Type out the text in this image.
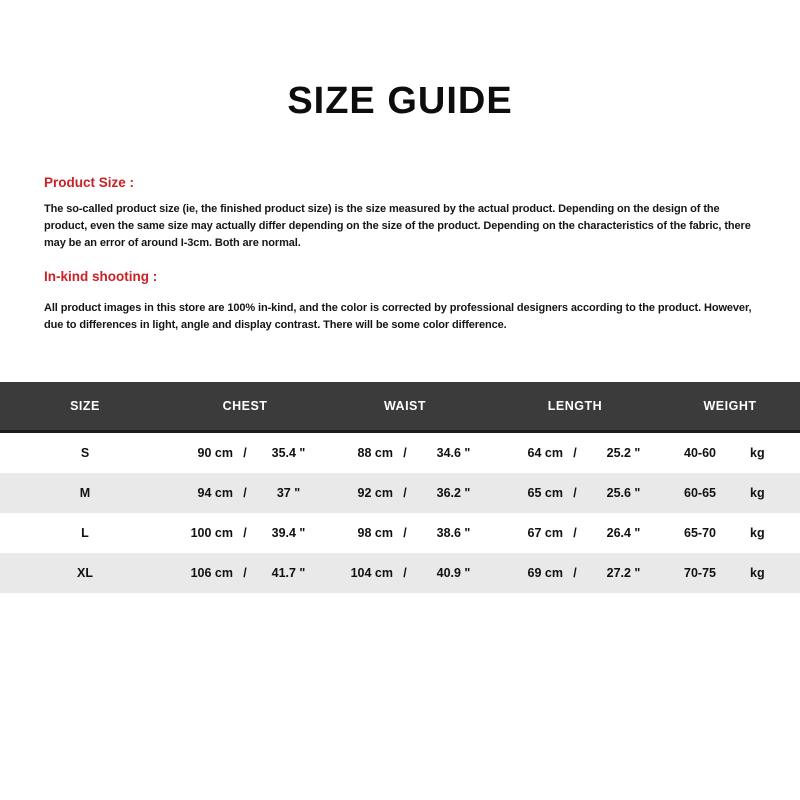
SIZE GUIDE
Product Size :

The so-called product size (ie, the finished product size) is the size measured by the actual product. Depending on the design of the product, even the same size may actually differ depending on the size of the product. Depending on the characteristics of the fabric, there may be an error of around I-3cm. Both are normal.

In-kind shooting :

All product images in this store are 100% in-kind, and the color is corrected by professional designers according to the product. However, due to differences in light, angle and display contrast. There will be some color difference.

SIZE	CHEST	WAIST	LENGTH	WEIGHT
S	90 cm /	35.4 "	88 cm /	34.6 "	64 cm /	25.2 "	40-60	kg
M	94 cm /	37 "	92 cm /	36.2 "	65 cm /	25.6 "	60-65	kg
L	100 cm /	39.4 "	98 cm /	38.6 "	67 cm /	26.4 "	65-70	kg
XL	106 cm /	41.7 "	104 cm /	40.9 "	69 cm /	27.2 "	70-75	kg
